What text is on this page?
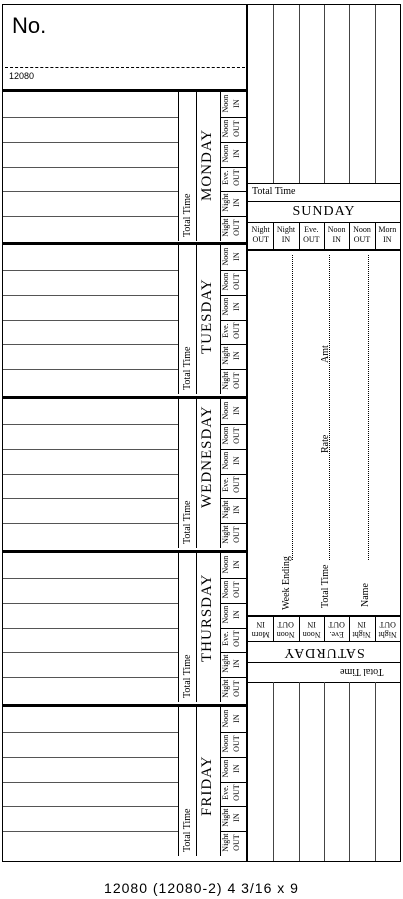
No.
12080
Total Time
MONDAY
Noon IN
Noon OUT
Noon IN
Eve. OUT
Night IN
Night OUT
Total Time
TUESDAY
Noon IN
Noon OUT
Noon IN
Eve. OUT
Night IN
Night OUT
Total Time
WEDNESDAY Noon IN
Noon OUT
Noon IN
Eve. OUT
Night IN
Night OUT
Total Time
THURSDAY
Noon IN
Noon OUT
Noon IN
Eve. OUT
Night IN
Night OUT
Total Time
FRIDAY
Noon IN
Noon OUT
Noon IN
Eve. OUT
Night IN
Night OUT
Total Time
SUNDAY
Night
OUT
Night
IN
Eve.
OUT
Noon
IN
Noon
OUT
Morn
IN
Week Ending	Total Time
Rate
Amt
Name
Morn
IN
Noon
OUT
Noon
IN
Eve.
OUT
Night
IN
Night
OUT
SATURDAY
Total Time
12080 (12080-2) 4 3/16 x 9
